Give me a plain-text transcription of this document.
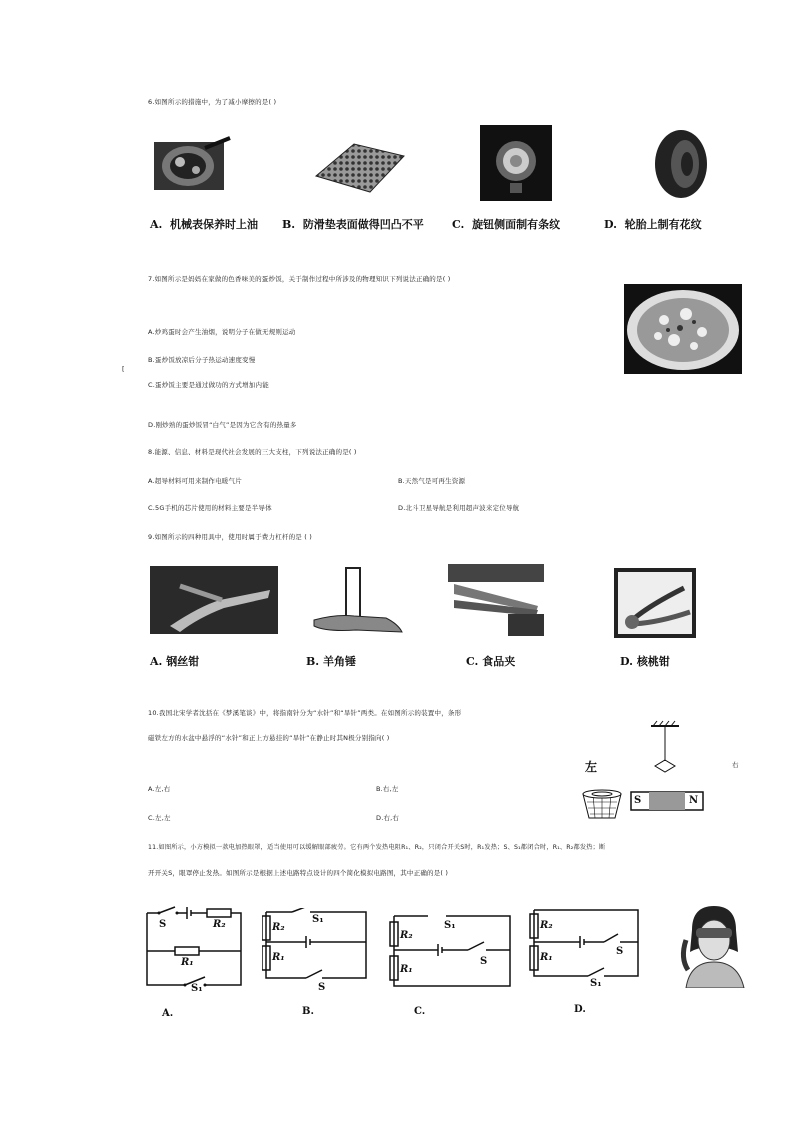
6.如图所示的措施中，为了减小摩擦的是( )
A. 机械表保养时上油 B. 防滑垫表面做得凹凸不平	C. 旋钮侧面制有条纹	D. 轮胎上制有花纹
7.如图所示是妈妈在家做的色香味美的蛋炒饭，关于制作过程中所涉及的物理知识下列说法正确的是( )
[
A.炒鸡蛋时会产生油烟，说明分子在做无规则运动
B.蛋炒饭放凉后分子热运动速度变慢
C.蛋炒饭主要是通过做功的方式增加内能
D.刚炒熟的蛋炒饭冒“白气”是因为它含有的热量多
8.能源、信息、材料是现代社会发展的三大支柱，下列说法正确的是( )
A.超导材料可用来制作电暖气片	B.天然气是可再生资源
C.5G手机的芯片使用的材料主要是半导体	D.北斗卫星导航是利用超声波来定位导航
9.如图所示的四种用具中，使用时属于费力杠杆的是 ( )
A. 钢丝钳	B. 羊角锤	C. 食品夹	D. 核桃钳
10.我国北宋学者沈括在《梦溪笔谈》中，将指南针分为“水针”和“旱针”两类。在如图所示的装置中，条形
磁铁左方的水盆中悬浮的“水针”和正上方悬挂的“旱针”在静止时其N极分别指向( )
A.左,右	B.右,左
C.左,左	D.右,右
左	右
S	N
11.如图所示，小方模拟一款电加热眼罩，适当使用可以缓解眼部疲劳。它有两个发热电阻R₁、R₂，只闭合开关S时，R₁发热；S、S₁都闭合时，R₁、R₂都发热；断
开开关S，眼罩停止发热。如图所示是根据上述电路特点设计的四个简化模拟电路图，其中正确的是( )
S	R₂
R₁
S₁
R₂
R₁
S₁
S
R₂
R₁
S₁
S
R₂
R₁
S
S₁
A.	B.	C.	D.
